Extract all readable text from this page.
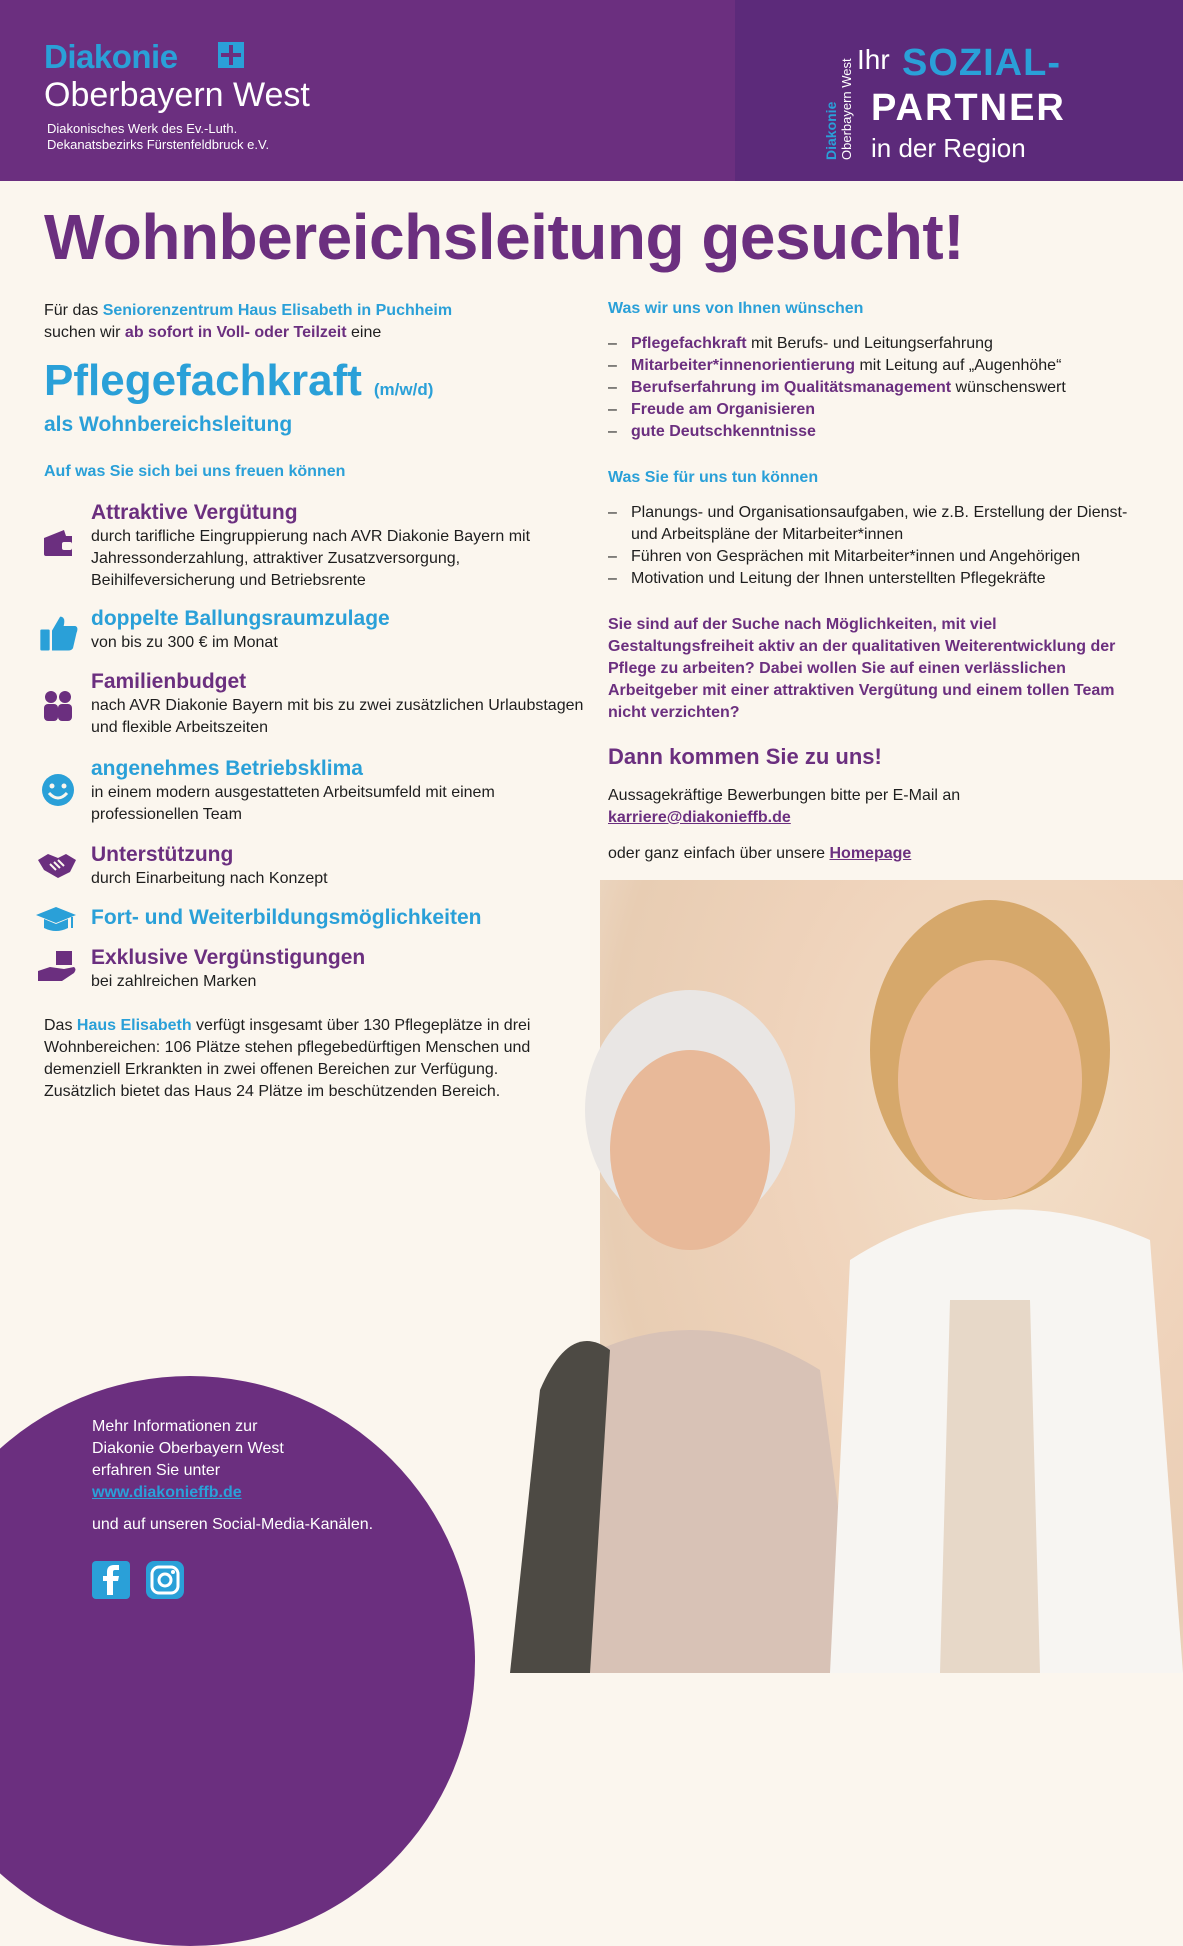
Diakonie
Oberbayern West
Diakonisches Werk des Ev.-Luth.
Dekanatsbezirks Fürstenfeldbruck e.V.	Diakonie Oberbayern West Ihr SOZIAL-
PARTNER
in der Region
Wohnbereichsleitung gesucht!
Für das Seniorenzentrum Haus Elisabeth in Puchheim
suchen wir ab sofort in Voll- oder Teilzeit eine
Pflegefachkraft (m/w/d)
als Wohnbereichsleitung
Auf was Sie sich bei uns freuen können
Attraktive Vergütung
durch tarifliche Eingruppierung nach AVR Diakonie Bayern mit Jahressonderzahlung, attraktiver Zusatzversorgung, Beihilfeversicherung und Betriebsrente
doppelte Ballungsraumzulage
von bis zu 300 € im Monat
Familienbudget
nach AVR Diakonie Bayern mit bis zu zwei zusätzlichen Urlaubstagen und flexible Arbeitszeiten
angenehmes Betriebsklima
in einem modern ausgestatteten Arbeitsumfeld mit einem professionellen Team
Unterstützung
durch Einarbeitung nach Konzept
Fort- und Weiterbildungsmöglichkeiten
Exklusive Vergünstigungen
bei zahlreichen Marken
Das Haus Elisabeth verfügt insgesamt über 130 Pflegeplätze in drei Wohnbereichen: 106 Plätze stehen pflegebedürftigen Menschen und demenziell Erkrankten in zwei offenen Bereichen zur Verfügung. Zusätzlich bietet das Haus 24 Plätze im beschützenden Bereich.
Was wir uns von Ihnen wünschen
– Pflegefachkraft mit Berufs- und Leitungserfahrung
– Mitarbeiter*innenorientierung mit Leitung auf „Augenhöhe“
– Berufserfahrung im Qualitätsmanagement wünschenswert
– Freude am Organisieren
– gute Deutschkenntnisse
Was Sie für uns tun können
– Planungs- und Organisationsaufgaben, wie z.B. Erstellung der Dienst- und Arbeitspläne der Mitarbeiter*innen
– Führen von Gesprächen mit Mitarbeiter*innen und Angehörigen
– Motivation und Leitung der Ihnen unterstellten Pflegekräfte
Sie sind auf der Suche nach Möglichkeiten, mit viel Gestaltungsfreiheit aktiv an der qualitativen Weiterentwicklung der Pflege zu arbeiten? Dabei wollen Sie auf einen verlässlichen Arbeitgeber mit einer attraktiven Vergütung und einem tollen Team nicht verzichten?
Dann kommen Sie zu uns!
Aussagekräftige Bewerbungen bitte per E-Mail an
karriere@diakonieffb.de
oder ganz einfach über unsere Homepage
Mehr Informationen zur
Diakonie Oberbayern West
erfahren Sie unter
www.diakonieffb.de
und auf unseren Social-Media-Kanälen.
